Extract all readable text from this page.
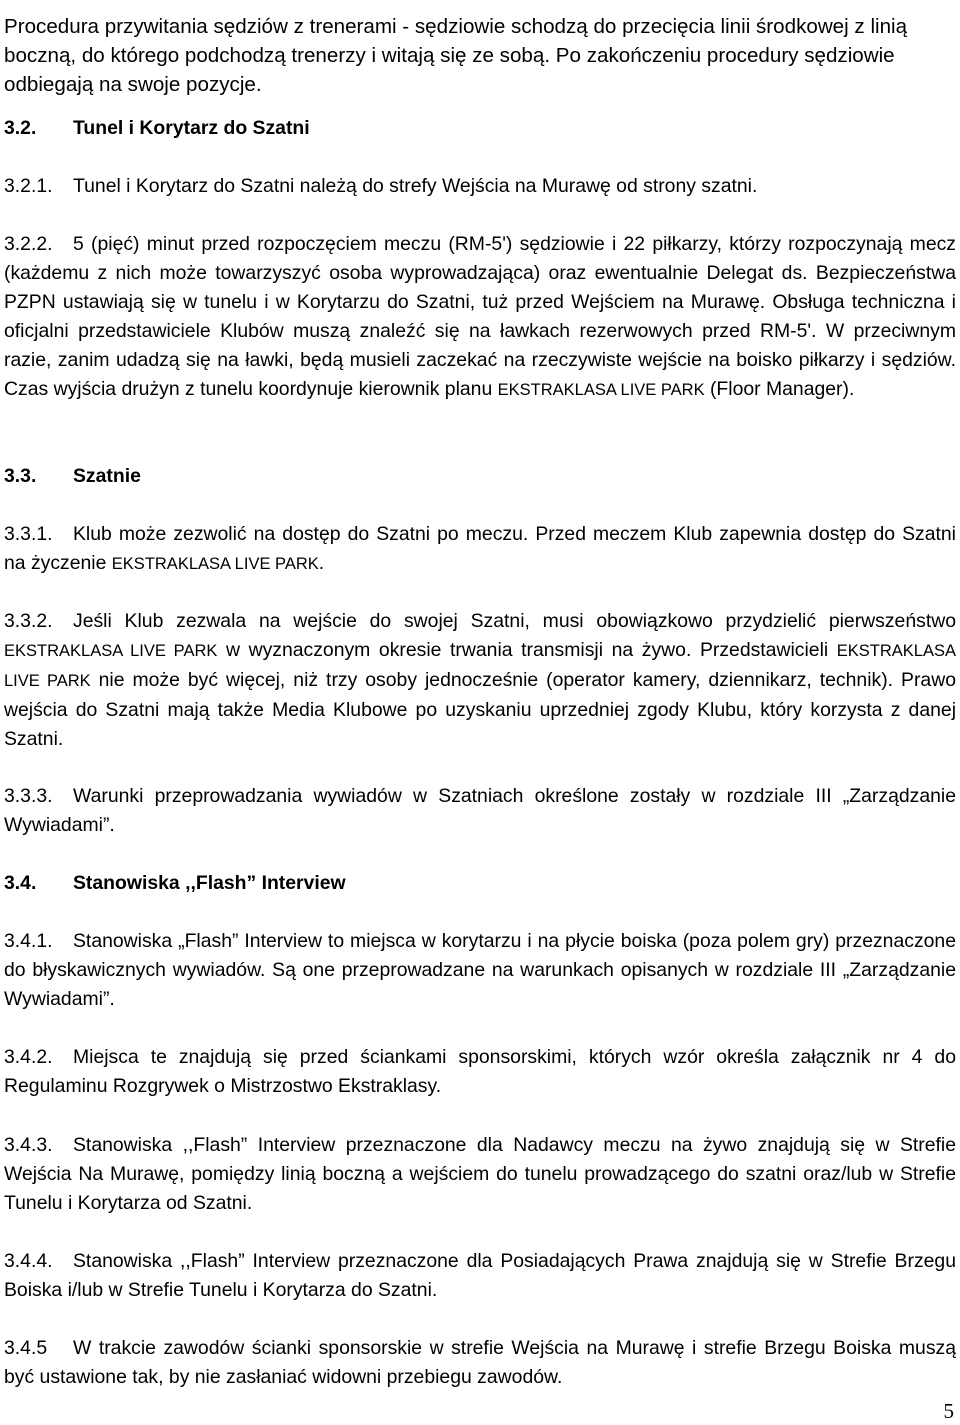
Procedura przywitania sędziów z trenerami - sędziowie schodzą do przecięcia linii środkowej z linią boczną, do którego podchodzą trenerzy i witają się ze sobą. Po zakończeniu procedury sędziowie odbiegają na swoje pozycje.

3.2. Tunel i Korytarz do Szatni

3.2.1. Tunel i Korytarz do Szatni należą do strefy Wejścia na Murawę od strony szatni.

3.2.2. 5 (pięć) minut przed rozpoczęciem meczu (RM-5') sędziowie i 22 piłkarzy, którzy rozpoczynają mecz (każdemu z nich może towarzyszyć osoba wyprowadzająca) oraz ewentualnie Delegat ds. Bezpieczeństwa PZPN ustawiają się w tunelu i w Korytarzu do Szatni, tuż przed Wejściem na Murawę. Obsługa techniczna i oficjalni przedstawiciele Klubów muszą znaleźć się na ławkach rezerwowych przed RM-5'. W przeciwnym razie, zanim udadzą się na ławki, będą musieli zaczekać na rzeczywiste wejście na boisko piłkarzy i sędziów. Czas wyjścia drużyn z tunelu koordynuje kierownik planu EKSTRAKLASA LIVE PARK (Floor Manager).

3.3. Szatnie

3.3.1. Klub może zezwolić na dostęp do Szatni po meczu. Przed meczem Klub zapewnia dostęp do Szatni na życzenie EKSTRAKLASA LIVE PARK.

3.3.2. Jeśli Klub zezwala na wejście do swojej Szatni, musi obowiązkowo przydzielić pierwszeństwo EKSTRAKLASA LIVE PARK w wyznaczonym okresie trwania transmisji na żywo. Przedstawicieli EKSTRAKLASA LIVE PARK nie może być więcej, niż trzy osoby jednocześnie (operator kamery, dziennikarz, technik). Prawo wejścia do Szatni mają także Media Klubowe po uzyskaniu uprzedniej zgody Klubu, który korzysta z danej Szatni.

3.3.3. Warunki przeprowadzania wywiadów w Szatniach określone zostały w rozdziale III „Zarządzanie Wywiadami”.

3.4. Stanowiska ,,Flash” Interview

3.4.1. Stanowiska „Flash” Interview to miejsca w korytarzu i na płycie boiska (poza polem gry) przeznaczone do błyskawicznych wywiadów. Są one przeprowadzane na warunkach opisanych w rozdziale III „Zarządzanie Wywiadami”.

3.4.2. Miejsca te znajdują się przed ściankami sponsorskimi, których wzór określa załącznik nr 4 do Regulaminu Rozgrywek o Mistrzostwo Ekstraklasy.

3.4.3. Stanowiska ,,Flash” Interview przeznaczone dla Nadawcy meczu na żywo znajdują się w Strefie Wejścia Na Murawę, pomiędzy linią boczną a wejściem do tunelu prowadzącego do szatni oraz/lub w Strefie Tunelu i Korytarza od Szatni.

3.4.4. Stanowiska ,,Flash” Interview przeznaczone dla Posiadających Prawa znajdują się w Strefie Brzegu Boiska i/lub w Strefie Tunelu i Korytarza do Szatni.

3.4.5 W trakcie zawodów ścianki sponsorskie w strefie Wejścia na Murawę i strefie Brzegu Boiska muszą być ustawione tak, by nie zasłaniać widowni przebiegu zawodów.

5
